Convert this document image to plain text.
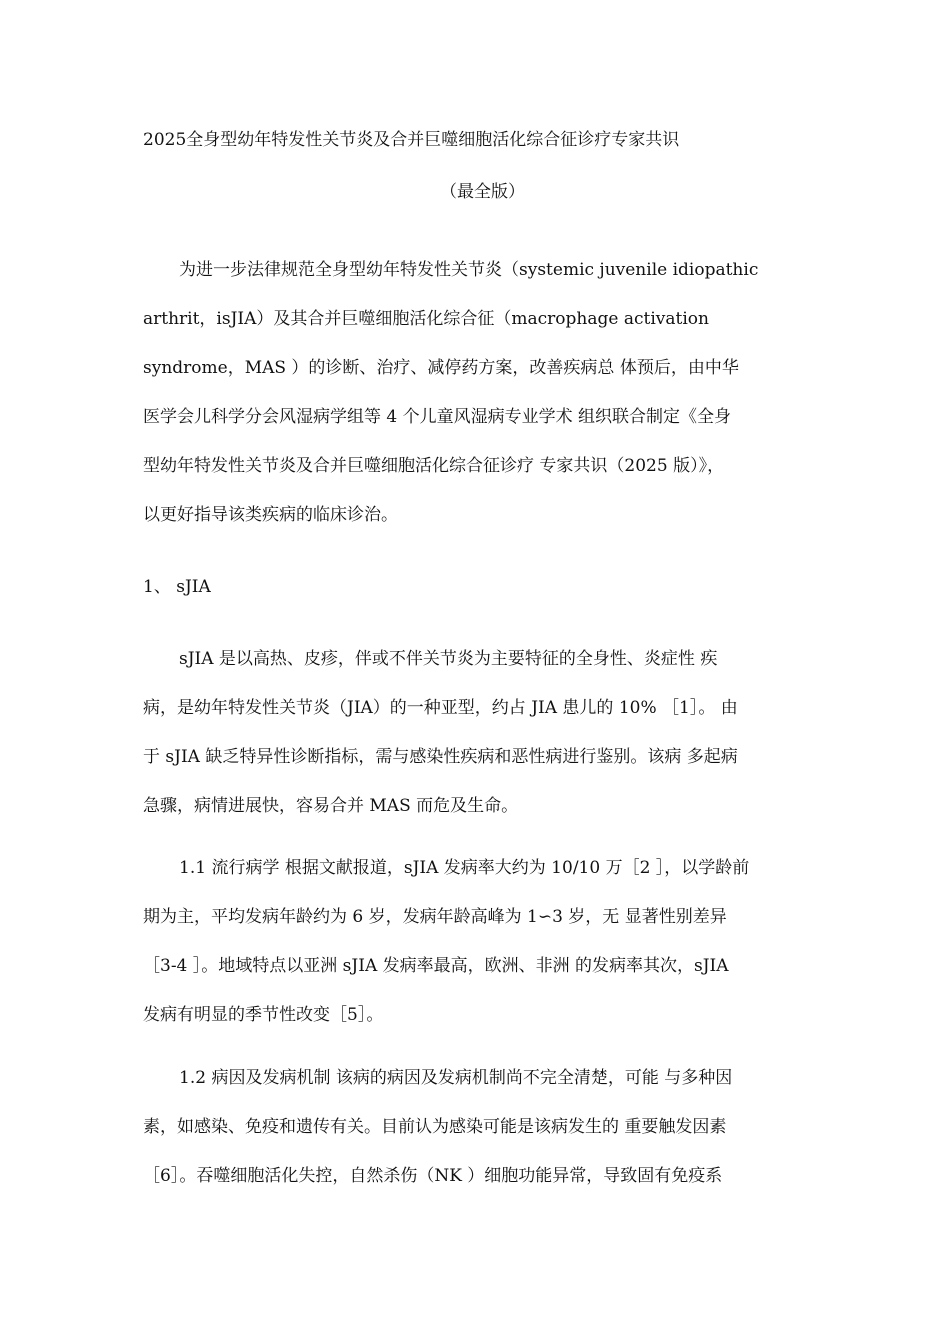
2025全身型幼年特发性关节炎及合并巨噬细胞活化综合征诊疗专家共识
（最全版）
为进一步法律规范全身型幼年特发性关节炎（systemic juvenile idiopathic
arthrit，isJIA）及其合并巨噬细胞活化综合征（macrophage activation
syndrome，MAS ）的诊断、治疗、减停药方案，改善疾病总 体预后，由中华
医学会儿科学分会风湿病学组等 4 个儿童风湿病专业学术 组织联合制定《全身
型幼年特发性关节炎及合并巨噬细胞活化综合征诊疗 专家共识（2025 版）》，
以更好指导该类疾病的临床诊治。
1、 sJIA
sJIA 是以高热、皮疹，伴或不伴关节炎为主要特征的全身性、炎症性 疾
病，是幼年特发性关节炎（JIA）的一种亚型，约占 JIA 患儿的 10% ［1］。 由
于 sJIA 缺乏特异性诊断指标，需与感染性疾病和恶性病进行鉴别。该病 多起病
急骤，病情进展快，容易合并 MAS 而危及生命。
1.1 流行病学 根据文献报道，sJIA 发病率大约为 10/10 万［2 ］，以学龄前
期为主，平均发病年龄约为 6 岁，发病年龄高峰为 1∽3 岁，无 显著性别差异
［3-4 ］。地域特点以亚洲 sJIA 发病率最高，欧洲、非洲 的发病率其次，sJIA
发病有明显的季节性改变［5］。
1.2 病因及发病机制 该病的病因及发病机制尚不完全清楚，可能 与多种因
素，如感染、免疫和遗传有关。目前认为感染可能是该病发生的 重要触发因素
［6］。吞噬细胞活化失控，自然杀伤（NK ）细胞功能异常，导致固有免疫系
